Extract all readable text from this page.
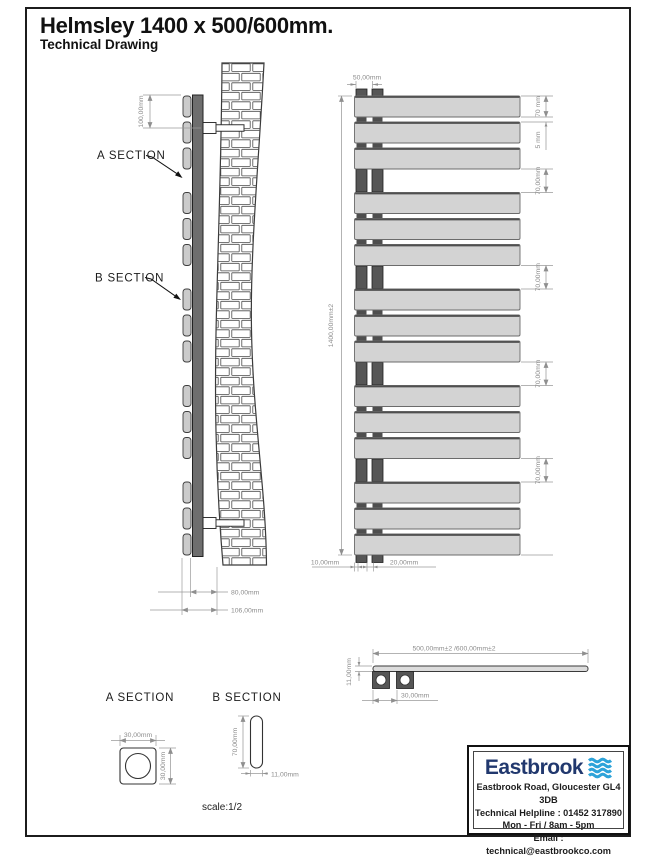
Helmsley 1400 x 500/600mm.
Technical Drawing
100,00mm
A SECTION
B SECTION
80,00mm
106,00mm
50,00mm
1400,00mm±2
70 mm
5 mm
70,00mm
70,00mm
70,00mm
70,00mm
10,00mm	20,00mm
500,00mm±2 /600,00mm±2
11,00mm
30,00mm
A SECTION
30,00mm
30,00mm
B SECTION
70,00mm
11,00mm
scale:1/2
Eastbrook
Eastbrook Road, Gloucester GL4 3DB
Technical Helpline : 01452 317890
Mon - Fri / 8am - 5pm
Email : technical@eastbrookco.com
